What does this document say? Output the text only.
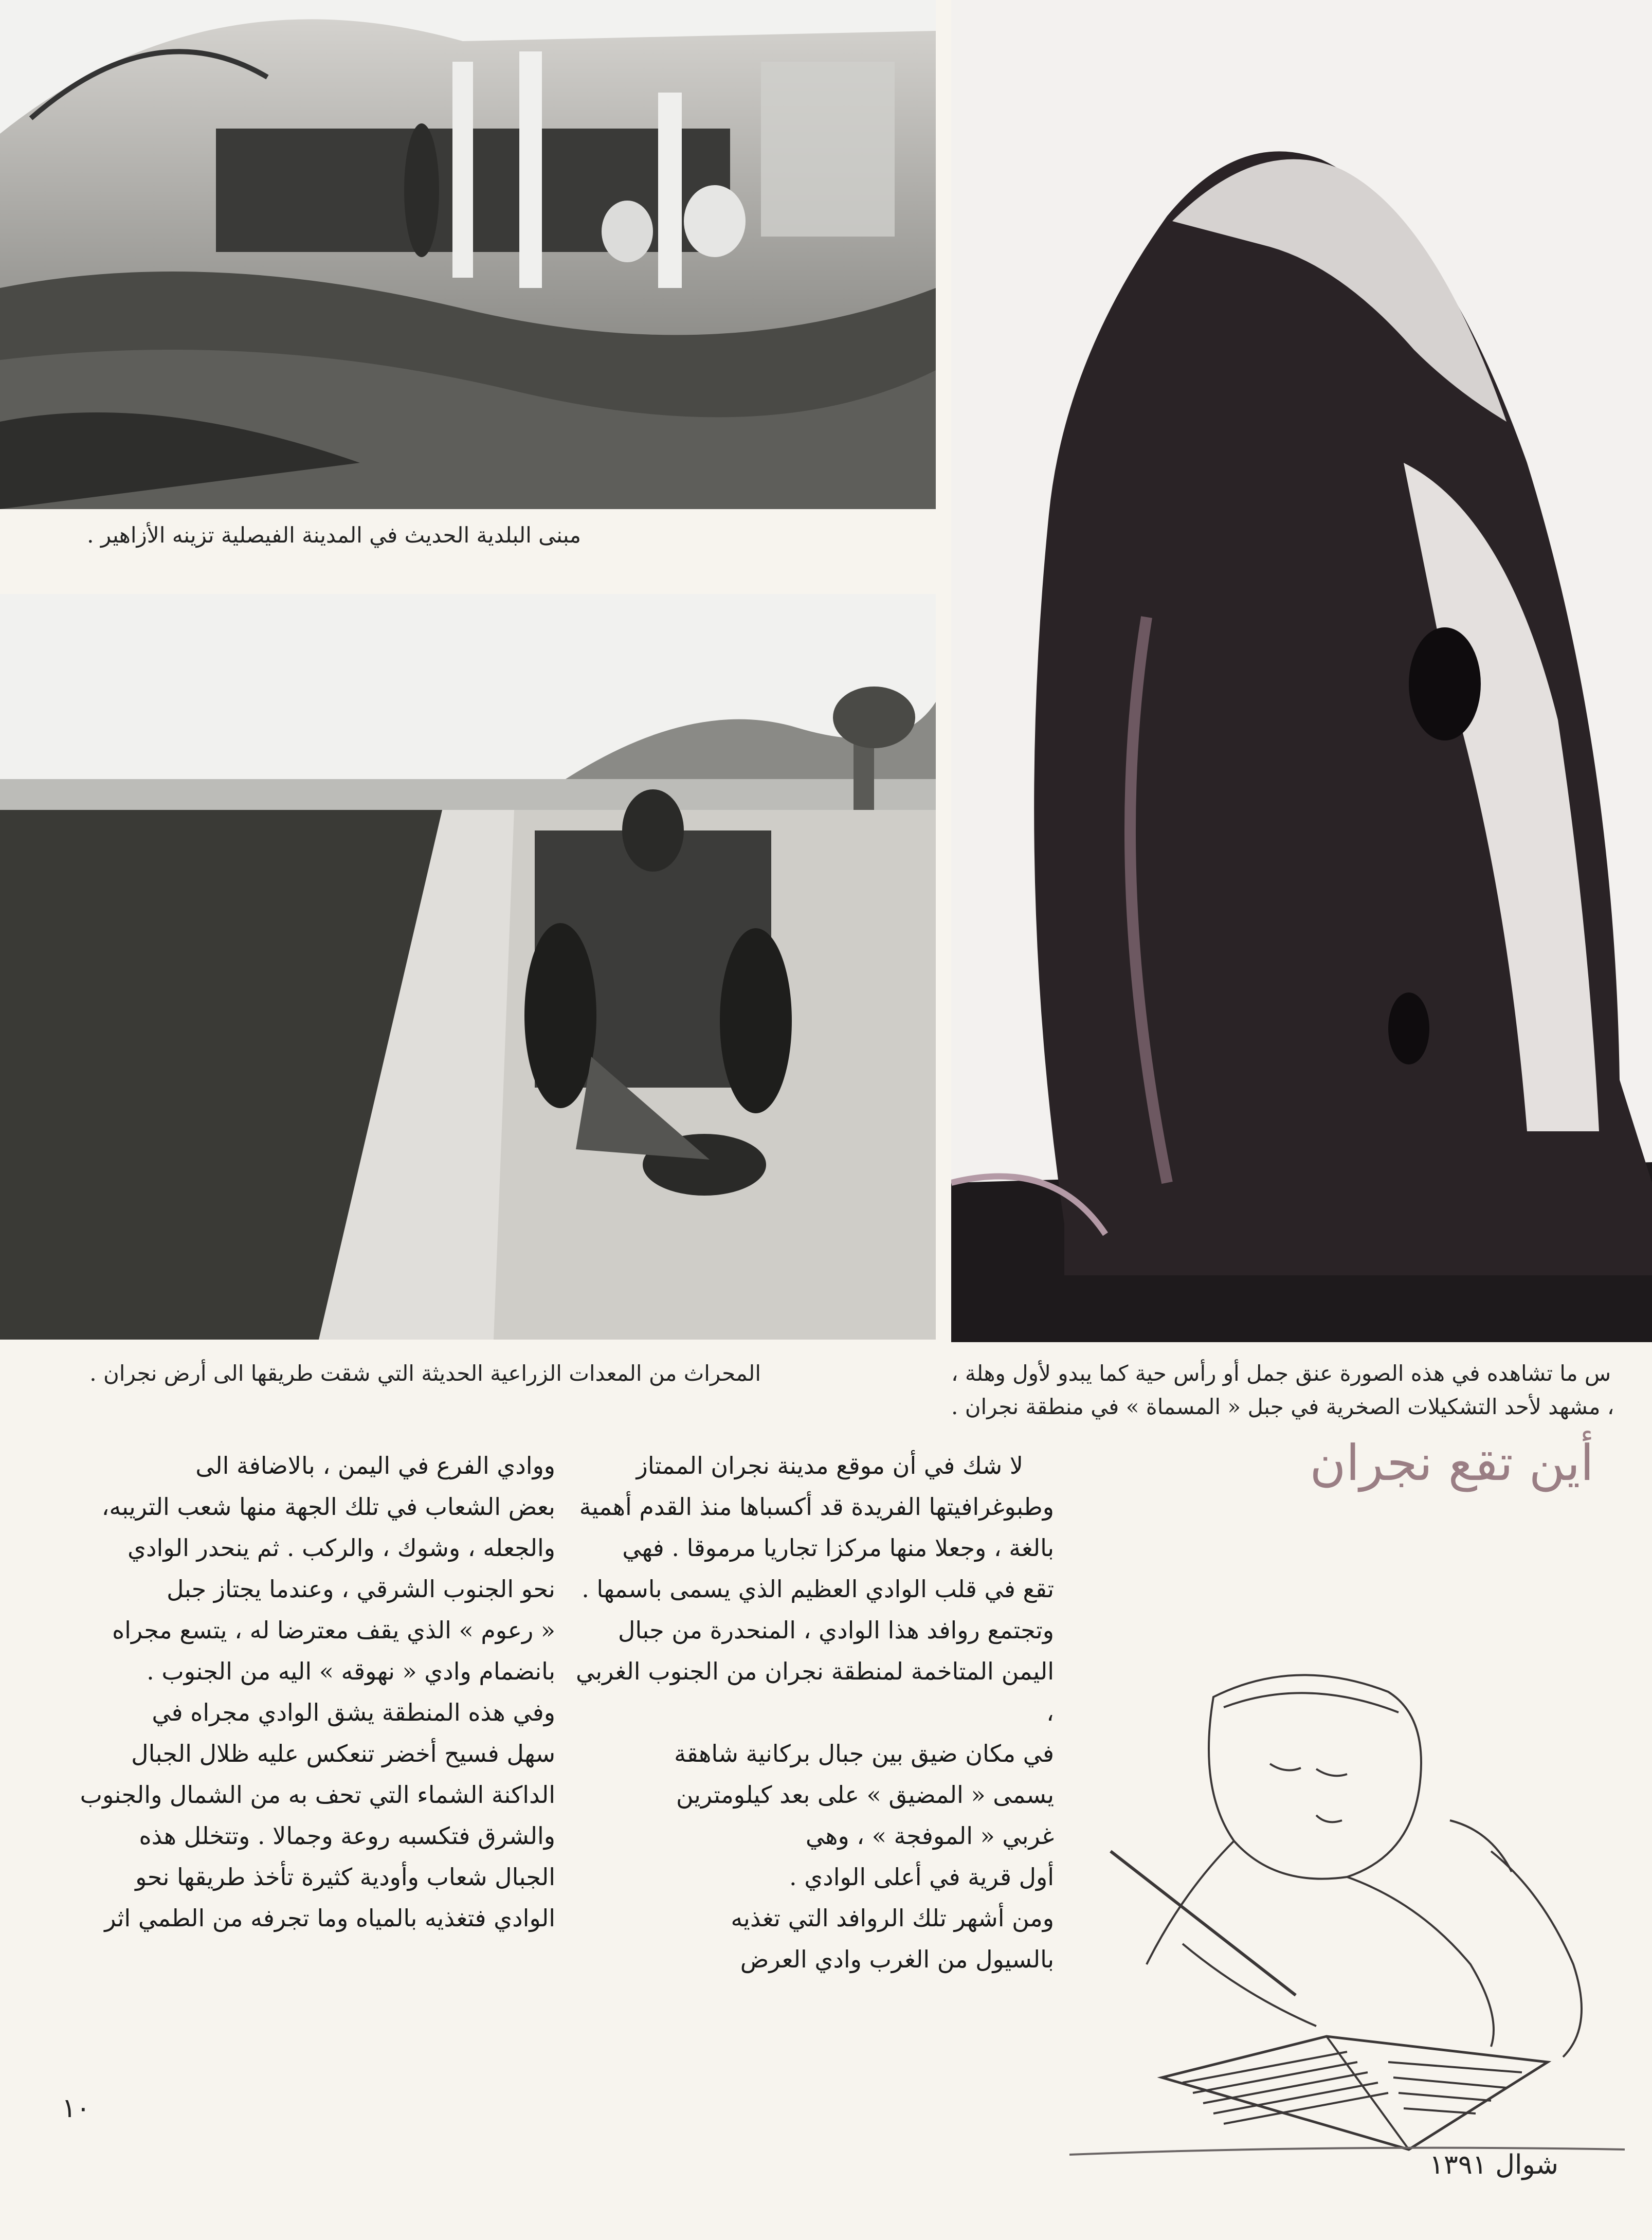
مبنى البلدية الحديث في المدينة الفيصلية تزينه الأزاهير .
المحراث من المعدات الزراعية الحديثة التي شقت طريقها الى أرض نجران .	س ما تشاهده في هذه الصورة عنق جمل أو رأس حية كما يبدو لأول وهلة ،
، مشهد لأحد التشكيلات الصخرية في جبل « المسماة » في منطقة نجران .
أين تقع نجران

لا شك في أن موقع مدينة نجران الممتاز

وطبوغرافيتها الفريدة قد أكسباها منذ القدم أهمية

بالغة ، وجعلا منها مركزا تجاريا مرموقا . فهي

تقع في قلب الوادي العظيم الذي يسمى باسمها .

وتجتمع روافد هذا الوادي ، المنحدرة من جبال

اليمن المتاخمة لمنطقة نجران من الجنوب الغربي ،

في مكان ضيق بين جبال بركانية شاهقة

يسمى « المضيق » على بعد كيلومترين

غربي « الموفجة » ، وهي

أول قرية في أعلى الوادي .

ومن أشهر تلك الروافد التي تغذيه

بالسيول من الغرب وادي العرض

ووادي الفرع في اليمن ، بالاضافة الى

بعض الشعاب في تلك الجهة منها شعب التريبه،

والجعله ، وشوك ، والركب . ثم ينحدر الوادي

نحو الجنوب الشرقي ، وعندما يجتاز جبل

« رعوم » الذي يقف معترضا له ، يتسع مجراه

بانضمام وادي « نهوقه » اليه من الجنوب .

وفي هذه المنطقة يشق الوادي مجراه في

سهل فسيح أخضر تنعكس عليه ظلال الجبال

الداكنة الشماء التي تحف به من الشمال والجنوب

والشرق فتكسبه روعة وجمالا . وتتخلل هذه

الجبال شعاب وأودية كثيرة تأخذ طريقها نحو

الوادي فتغذيه بالمياه وما تجرفه من الطمي اثر

١٠
شوال ١٣٩١
